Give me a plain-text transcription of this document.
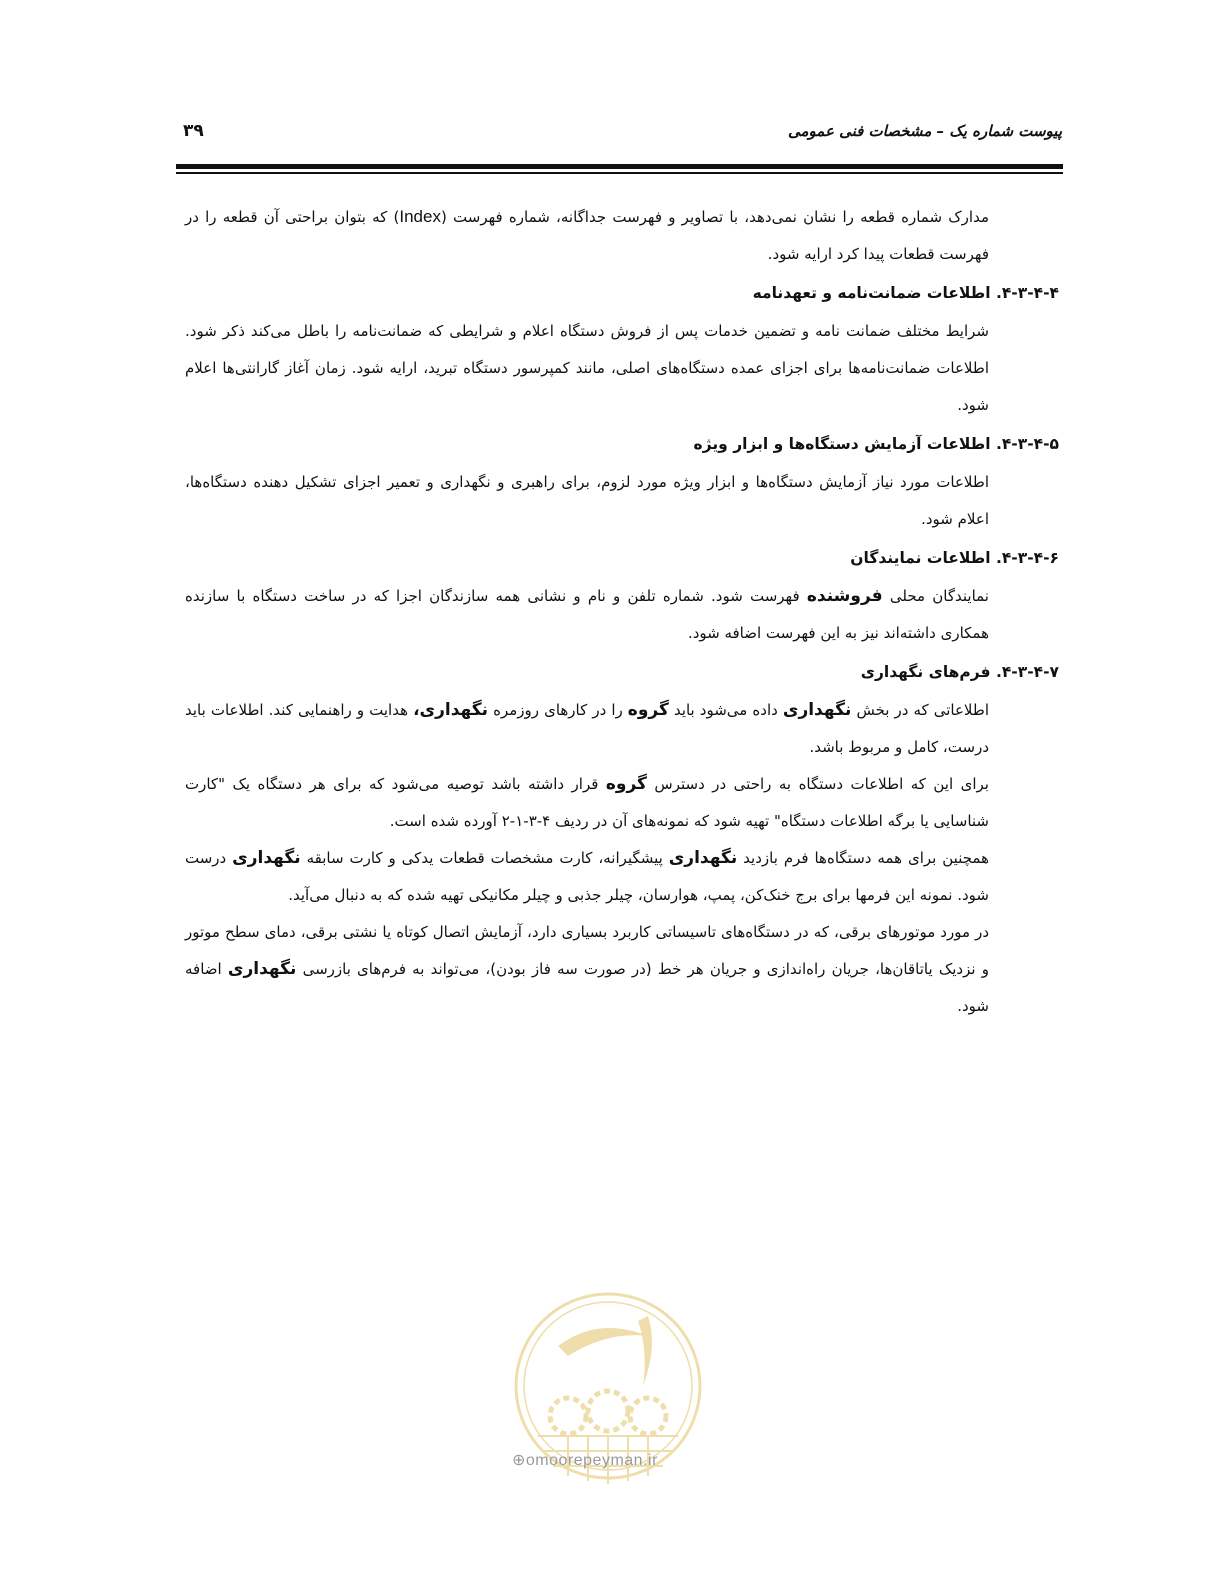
پیوست شماره یک – مشخصات فنی عمومی
۳۹

مدارک شماره قطعه را نشان نمی‌دهد، با تصاویر و فهرست جداگانه، شماره فهرست (Index) که بتوان براحتی آن قطعه را در فهرست قطعات پیدا کرد ارایه شود.

۴-۳-۴-۴. اطلاعات ضمانت‌نامه و تعهدنامه

شرایط مختلف ضمانت نامه و تضمین خدمات پس از فروش دستگاه اعلام و شرایطی که ضمانت‌نامه را باطل می‌کند ذکر شود. اطلاعات ضمانت‌نامه‌ها برای اجزای عمده دستگاه‌های اصلی، مانند کمپرسور دستگاه تبرید، ارایه شود. زمان آغاز گارانتی‌ها اعلام شود.

۴-۳-۴-۵. اطلاعات آزمایش دستگاه‌ها و ابزار ویژه

اطلاعات مورد نیاز آزمایش دستگاه‌ها و ابزار ویژه مورد لزوم، برای راهبری و نگهداری و تعمیر اجزای تشکیل دهنده دستگاه‌ها، اعلام شود.

۴-۳-۴-۶. اطلاعات نمایندگان

نمایندگان محلی فروشنده فهرست شود. شماره تلفن و نام و نشانی همه سازندگان اجزا که در ساخت دستگاه با سازنده همکاری داشته‌اند نیز به این فهرست اضافه شود.

۴-۳-۴-۷. فرم‌های نگهداری

اطلاعاتی که در بخش نگهداری داده می‌شود باید گروه را در کارهای روزمره نگهداری، هدایت و راهنمایی کند. اطلاعات باید درست، کامل و مربوط باشد.

برای این که اطلاعات دستگاه به راحتی در دسترس گروه قرار داشته باشد توصیه می‌شود که برای هر دستگاه یک "کارت شناسایی یا برگه اطلاعات دستگاه" تهیه شود که نمونه‌های آن در ردیف ۴-۳-۱-۲ آورده شده است.

همچنین برای همه دستگاه‌ها فرم بازدید نگهداری پیشگیرانه، کارت مشخصات قطعات یدکی و کارت سابقه نگهداری درست شود. نمونه این فرمها برای برج خنک‌کن، پمپ، هوارسان، چیلر جذبی و چیلر مکانیکی تهیه شده که به دنبال می‌آید.

در مورد موتورهای برقی، که در دستگاه‌های تاسیساتی کاربرد بسیاری دارد، آزمایش اتصال کوتاه یا نشتی برقی، دمای سطح موتور و نزدیک یاتاقان‌ها، جریان راه‌اندازی و جریان هر خط (در صورت سه فاز بودن)، می‌تواند به فرم‌های بازرسی نگهداری اضافه شود.

⊕omoorepeyman.ir
